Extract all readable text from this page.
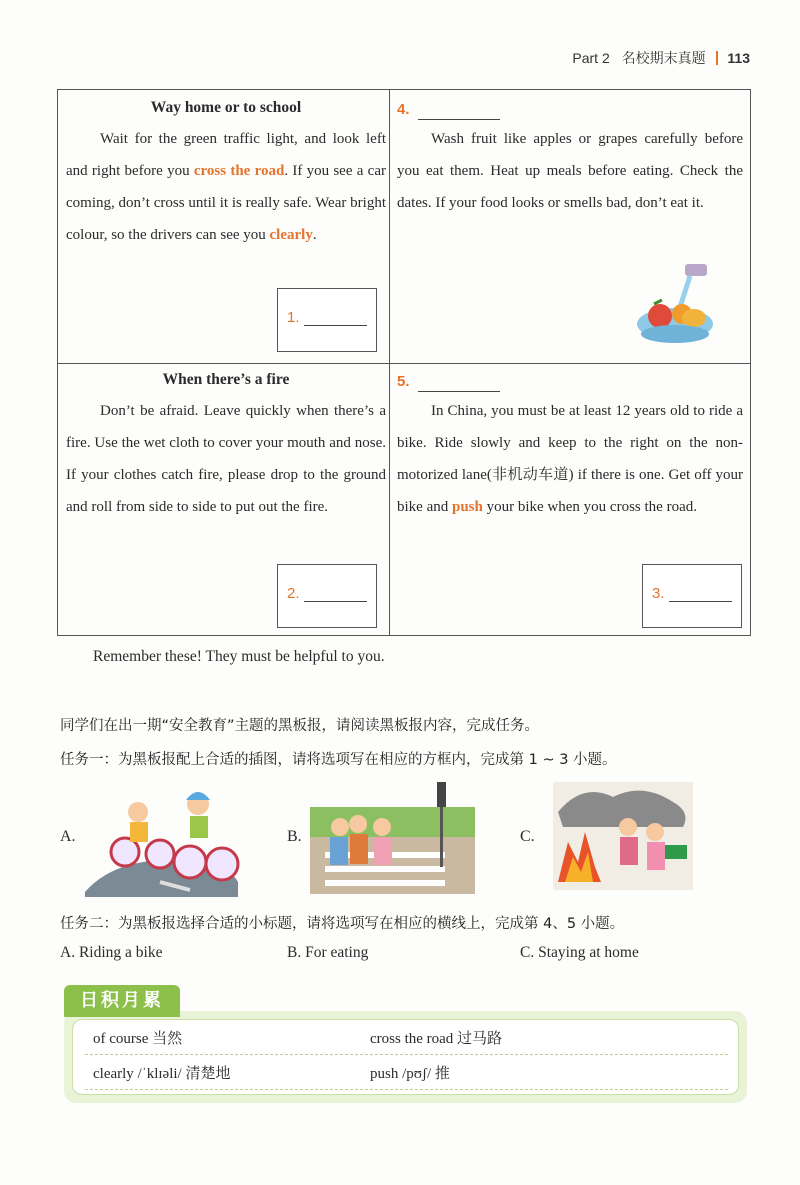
Part 2 名校期末真题 113
Way home or to school

Wait for the green traffic light, and look left and right before you cross the road. If you see a car coming, don’t cross until it is really safe. Wear bright colour, so the drivers can see you clearly.

1.
4.

Wash fruit like apples or grapes carefully before you eat them. Heat up meals before eating. Check the dates. If your food looks or smells bad, don’t eat it.

When there’s a fire

Don’t be afraid. Leave quickly when there’s a fire. Use the wet cloth to cover your mouth and nose. If your clothes catch fire, please drop to the ground and roll from side to side to put out the fire.

2.
5.

In China, you must be at least 12 years old to ride a bike. Ride slowly and keep to the right on the non-motorized lane(非机动车道) if there is one. Get off your bike and push your bike when you cross the road.

3.
Remember these! They must be helpful to you.
同学们在出一期“安全教育”主题的黑板报，请阅读黑板报内容，完成任务。
任务一：为黑板报配上合适的插图，请将选项写在相应的方框内，完成第 1 ~ 3 小题。
A.	B.	C.
任务二：为黑板报选择合适的小标题，请将选项写在相应的横线上，完成第 4、5 小题。
A. Riding a bike	B. For eating	C. Staying at home
of course 当然	cross the road 过马路
clearly /ˈklɪəli/ 清楚地	push /pʊʃ/ 推
日积月累
